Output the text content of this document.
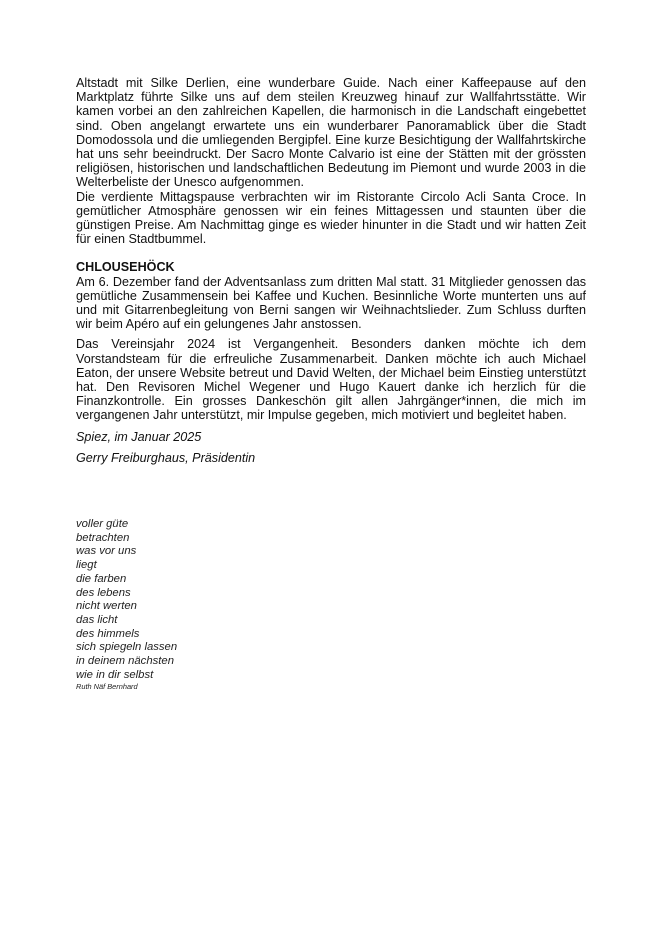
Altstadt mit Silke Derlien, eine wunderbare Guide. Nach einer Kaffeepause auf den Marktplatz führte Silke uns auf dem steilen Kreuzweg hinauf zur Wallfahrtsstätte. Wir kamen vorbei an den zahlreichen Kapellen, die harmonisch in die Landschaft eingebettet sind. Oben angelangt erwartete uns ein wunderbarer Panoramablick über die Stadt Domodossola und die umliegenden Bergipfel. Eine kurze Besichtigung der Wallfahrtskirche hat uns sehr beeindruckt. Der Sacro Monte Calvario ist eine der Stätten mit der grössten religiösen, historischen und landschaftlichen Bedeutung im Piemont und wurde 2003 in die Welterbeliste der Unesco aufgenommen.

Die verdiente Mittagspause verbrachten wir im Ristorante Circolo Acli Santa Croce. In gemütlicher Atmosphäre genossen wir ein feines Mittagessen und staunten über die günstigen Preise. Am Nachmittag ginge es wieder hinunter in die Stadt und wir hatten Zeit für einen Stadtbummel.

CHLOUSEHÖCK

Am 6. Dezember fand der Adventsanlass zum dritten Mal statt. 31 Mitglieder genossen das gemütliche Zusammensein bei Kaffee und Kuchen. Besinnliche Worte munterten uns auf und mit Gitarrenbegleitung von Berni sangen wir Weihnachtslieder. Zum Schluss durften wir beim Apéro auf ein gelungenes Jahr anstossen.

Das Vereinsjahr 2024 ist Vergangenheit. Besonders danken möchte ich dem Vorstandsteam für die erfreuliche Zusammenarbeit. Danken möchte ich auch Michael Eaton, der unsere Website betreut und David Welten, der Michael beim Einstieg unterstützt hat. Den Revisoren Michel Wegener und Hugo Kauert danke ich herzlich für die Finanzkontrolle. Ein grosses Dankeschön gilt allen Jahrgänger*innen, die mich im vergangenen Jahr unterstützt, mir Impulse gegeben, mich motiviert und begleitet haben.

Spiez, im Januar 2025

Gerry Freiburghaus, Präsidentin

voller güte
betrachten
was vor uns
liegt
die farben
des lebens
nicht werten
das licht
des himmels
sich spiegeln lassen
in deinem nächsten
wie in dir selbst
Ruth Näf Bernhard
